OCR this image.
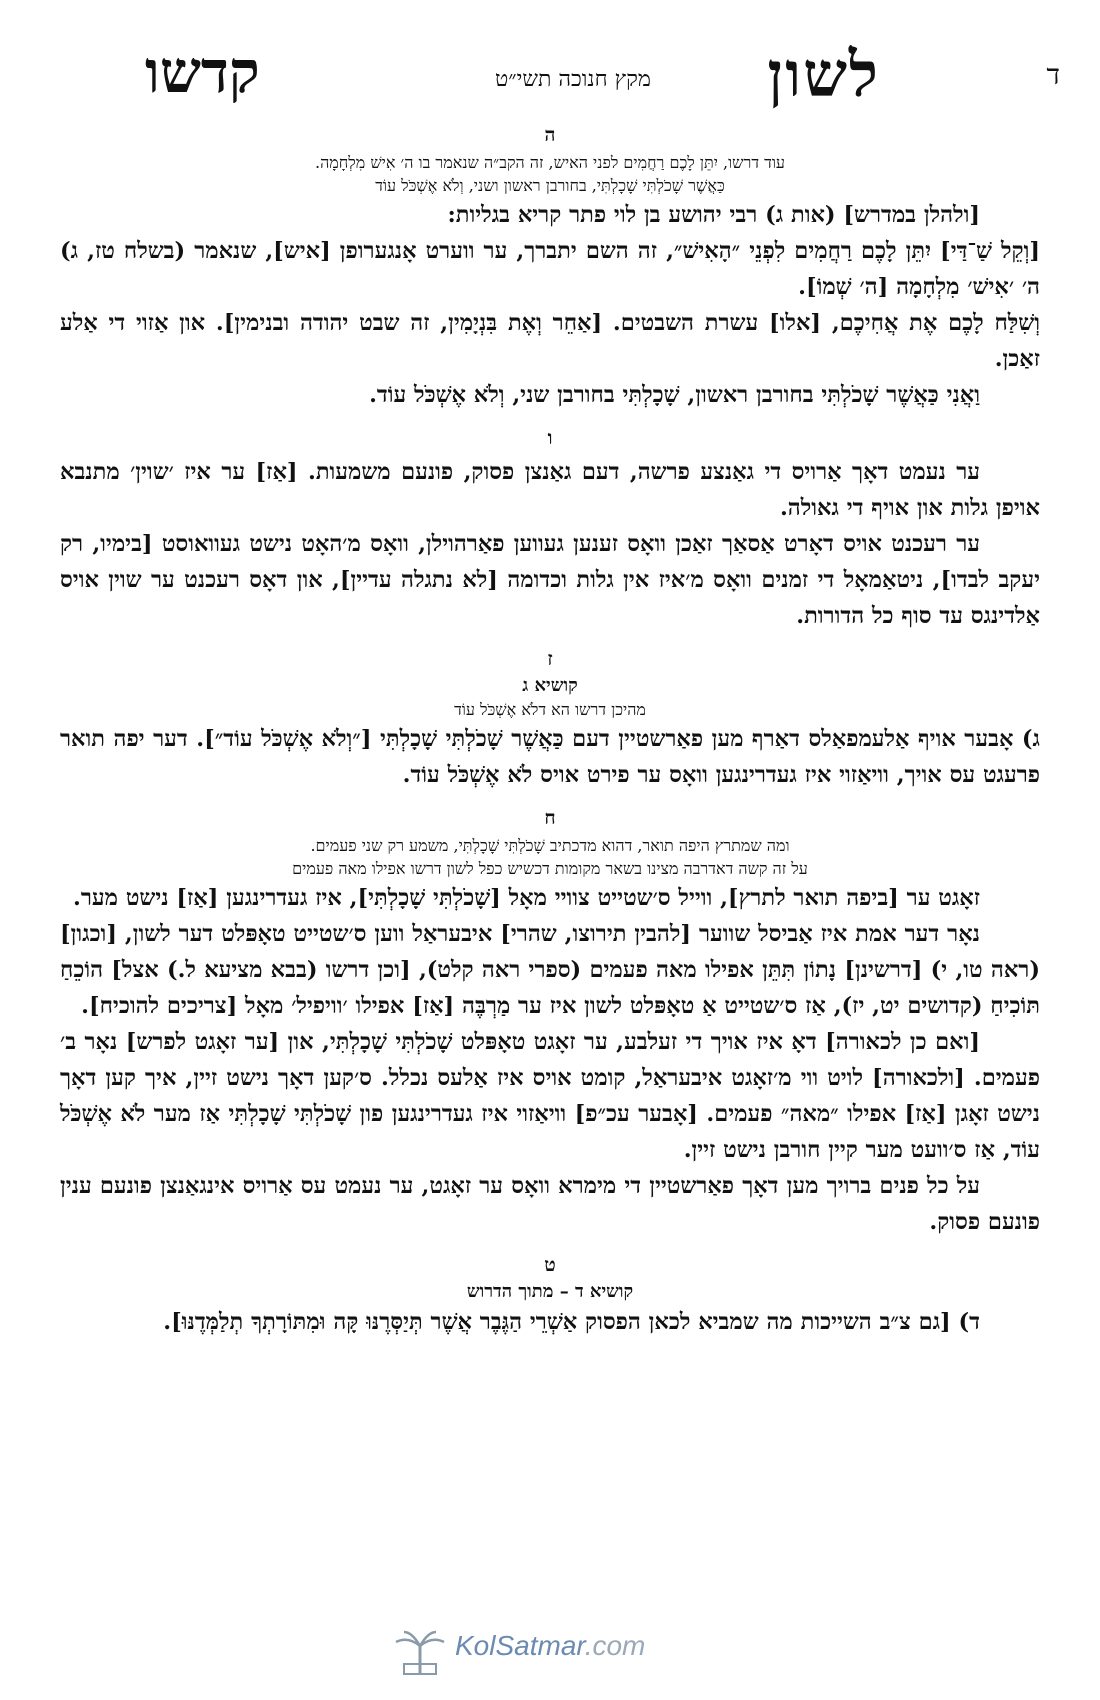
ד
לשון
מקץ חנוכה תשי״ט
קדשו
ה
עוד דרשו, יִתֵּן לָכֶם רַחֲמִים לפני האיש, זה הקב״ה שנאמר בו ה׳ אִישׁ מִלְחָמָה.
כַּאֲשֶׁר שָׁכֹלְתִּי שָׁכָלְתִּי, בחורבן ראשון ושני, וְלֹא אֶשְׁכֹּל עוֹד

[ולהלן במדרש] (אות ג) רבי יהושע בן לוי פתר קריא בגליות:

[וְקֵל שַׁ־דַּי] יִתֵּן לָכֶם רַחֲמִים לִפְנֵי ״הָאִישׁ״, זה השם יתברך, ער ווערט אָנגערופן [איש], שנאמר (בשלח טז, ג) ה׳ ׳אִישׁ׳ מִלְחָמָה [ה׳ שְׁמוֹ].

וְשִׁלַּח לָכֶם אֶת אֲחִיכֶם, [אלו] עשרת השבטים. [אַחֵר וְאֶת בִּנְיָמִין, זה שבט יהודה ובנימין]. און אַזוי די אַלע זאַכן.

וַאֲנִי כַּאֲשֶׁר שָׁכֹלְתִּי בחורבן ראשון, שָׁכָלְתִּי בחורבן שני, וְלֹא אֶשְׁכֹּל עוֹד.

ו

ער נעמט דאָך אַרויס די גאַנצע פרשה, דעם גאַנצן פסוק, פונעם משמעות. [אַז] ער איז ׳שוין׳ מתנבא אויפן גלות און אויף די גאולה.

ער רעכנט אויס דאָרט אַסאַך זאַכן וואָס זענען געווען פאַרהוילן, וואָס מ׳האָט נישט געוואוסט [בימיו, רק יעקב לבדו], ניטאַמאָל די זמנים וואָס מ׳איז אין גלות וכדומה [לא נתגלה עדיין], און דאָס רעכנט ער שוין אויס אַלדינגס עד סוף כל הדורות.

ז
קושיא ג
מהיכן דרשו הא דלֹא אֶשְׁכֹּל עוֹד

ג) אָבער אויף אַלעמפאַלס דאַרף מען פאַרשטיין דעם כַּאֲשֶׁר שָׁכֹלְתִּי שָׁכָלְתִּי [״וְלֹא אֶשְׁכֹּל עוֹד״]. דער יפה תואר פרעגט עס אויך, וויאַזוי איז געדרינגען וואָס ער פירט אויס לֹא אֶשְׁכֹּל עוֹד.

ח
ומה שמתרץ היפה תואר, דהוא מדכתיב שָׁכֹלְתִּי שָׁכָלְתִּי, משמע רק שני פעמים.
על זה קשה דאדרבה מצינו בשאר מקומות דכשיש כפל לשון דרשו אפילו מאה פעמים

זאָגט ער [ביפה תואר לתרץ], ווייל ס׳שטייט צוויי מאָל [שָׁכֹלְתִּי שָׁכָלְתִּי], איז געדרינגען [אַז] נישט מער.

נאָר דער אמת איז אַביסל שווער [להבין תירוצו, שהרי] איבעראַל ווען ס׳שטייט טאָפּלט דער לשון, [וכגון] (ראה טו, י) [דרשינן] נָתוֹן תִּתֵּן אפילו מאה פעמים (ספרי ראה קלט), [וכן דרשו (בבא מציעא ל.) אצל] הוֹכֵחַ תּוֹכִיחַ (קדושים יט, יז), אַז ס׳שטייט אַ טאָפּלט לשון איז ער מַרְבֶּה [אַז] אפילו ׳וויפיל׳ מאָל [צריכים להוכיח].

[ואם כן לכאורה] דאָ איז אויך די זעלבע, ער זאָגט טאָפּלט שָׁכֹלְתִּי שָׁכָלְתִּי, און [ער זאָגט לפרש] נאָר ב׳ פעמים. [ולכאורה] לויט ווי מ׳זאָגט איבעראַל, קומט אויס איז אַלעס נכלל. ס׳קען דאָך נישט זיין, איך קען דאָך נישט זאָגן [אַז] אפילו ״מאה״ פעמים. [אָבער עכ״פ] וויאַזוי איז געדרינגען פון שָׁכֹלְתִּי שָׁכָלְתִּי אַז מער לֹא אֶשְׁכֹּל עוֹד, אַז ס׳וועט מער קיין חורבן נישט זיין.

על כל פנים ברויך מען דאָך פאַרשטיין די מימרא וואָס ער זאָגט, ער נעמט עס אַרויס אינגאַנצן פונעם ענין פונעם פסוק.

ט
קושיא ד – מתוך הדרוש

ד) [גם צ״ב השייכות מה שמביא לכאן הפסוק אַשְׁרֵי הַגֶּבֶר אֲשֶׁר תְּיַסְּרֶנּוּ קָּה וּמִתּוֹרָתְךָ תְלַמְּדֶנּוּ].

KolSatmar.com
